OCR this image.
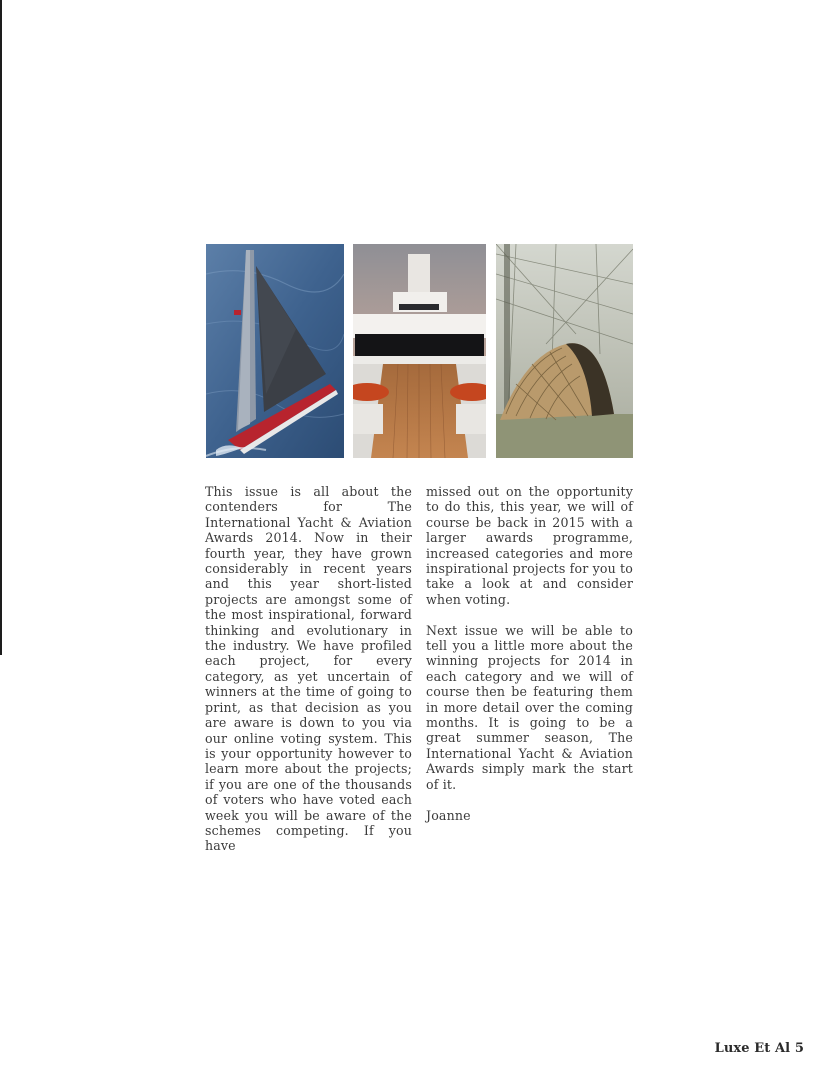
This issue is all about the contenders for The International Yacht & Aviation Awards 2014. Now in their fourth year, they have grown considerably in recent years and this year short-listed projects are amongst some of the most inspirational, forward thinking and evolutionary in the industry. We have profiled each project, for every category, as yet uncertain of winners at the time of going to print, as that decision as you are aware is down to you via our online voting system. This is your opportunity however to learn more about the projects; if you are one of the thousands of voters who have voted each week you will be aware of the schemes competing. If you have

missed out on the opportunity to do this, this year, we will of course be back in 2015 with a larger awards programme, increased categories and more inspirational projects for you to take a look at and consider when voting.

Next issue we will be able to tell you a little more about the winning projects for 2014 in each category and we will of course then be featuring them in more detail over the coming months. It is going to be a great summer season, The International Yacht & Aviation Awards simply mark the start of it.

Joanne

Luxe Et Al 5
